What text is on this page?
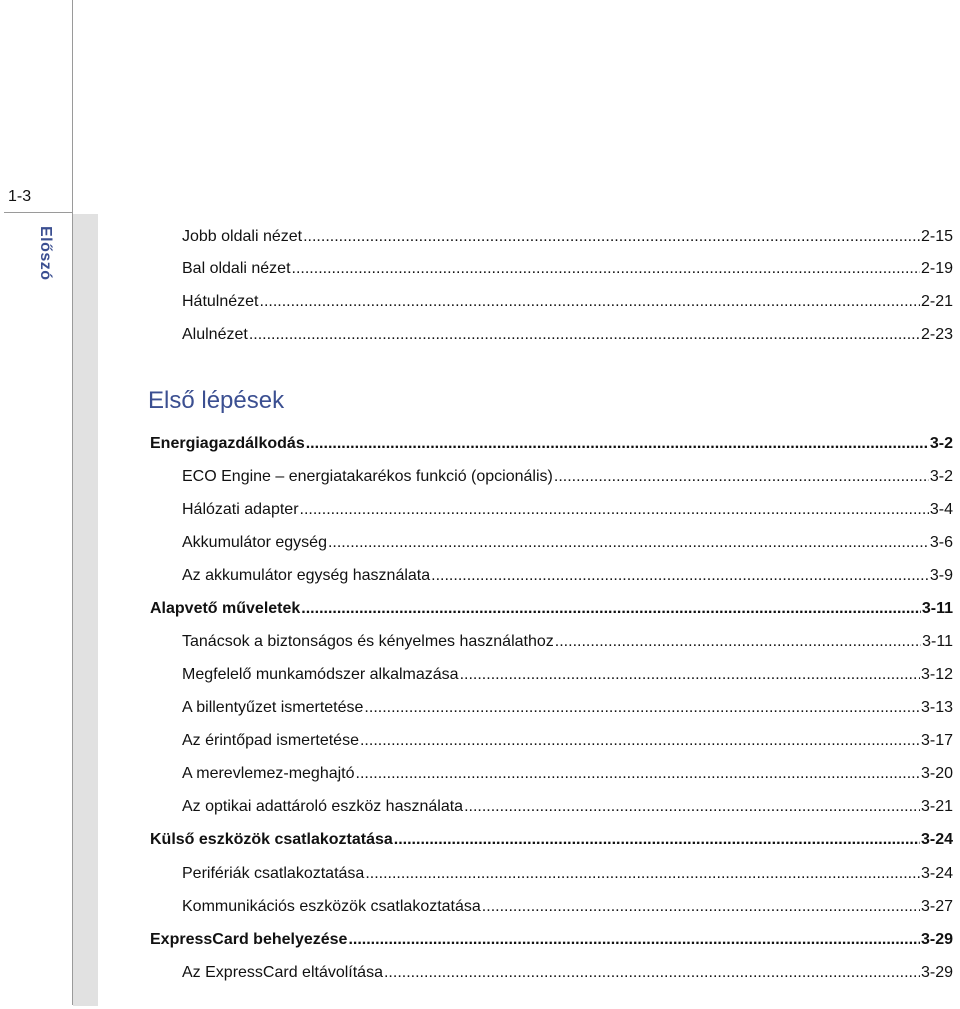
1-3
Előszó	Jobb oldali nézet .....	2-15
Bal oldali nézet .....	2-19
Hátulnézet .....	2-21
Alulnézet .....	2-23
Első lépések
Energiagazdálkodás .....	3-2
ECO Engine – energiatakarékos funkció (opcionális) .....	3-2
Hálózati adapter .....	3-4
Akkumulátor egység .....	3-6
Az akkumulátor egység használata .....	3-9
Alapvető műveletek .....	3-11
Tanácsok a biztonságos és kényelmes használathoz .....	3-11
Megfelelő munkamódszer alkalmazása .....	3-12
A billentyűzet ismertetése .....	3-13
Az érintőpad ismertetése .....	3-17
A merevlemez-meghajtó .....	3-20
Az optikai adattároló eszköz használata .....	3-21
Külső eszközök csatlakoztatása .....	3-24
Perifériák csatlakoztatása .....	3-24
Kommunikációs eszközök csatlakoztatása .....	3-27
ExpressCard behelyezése .....	3-29
Az ExpressCard eltávolítása .....	3-29
